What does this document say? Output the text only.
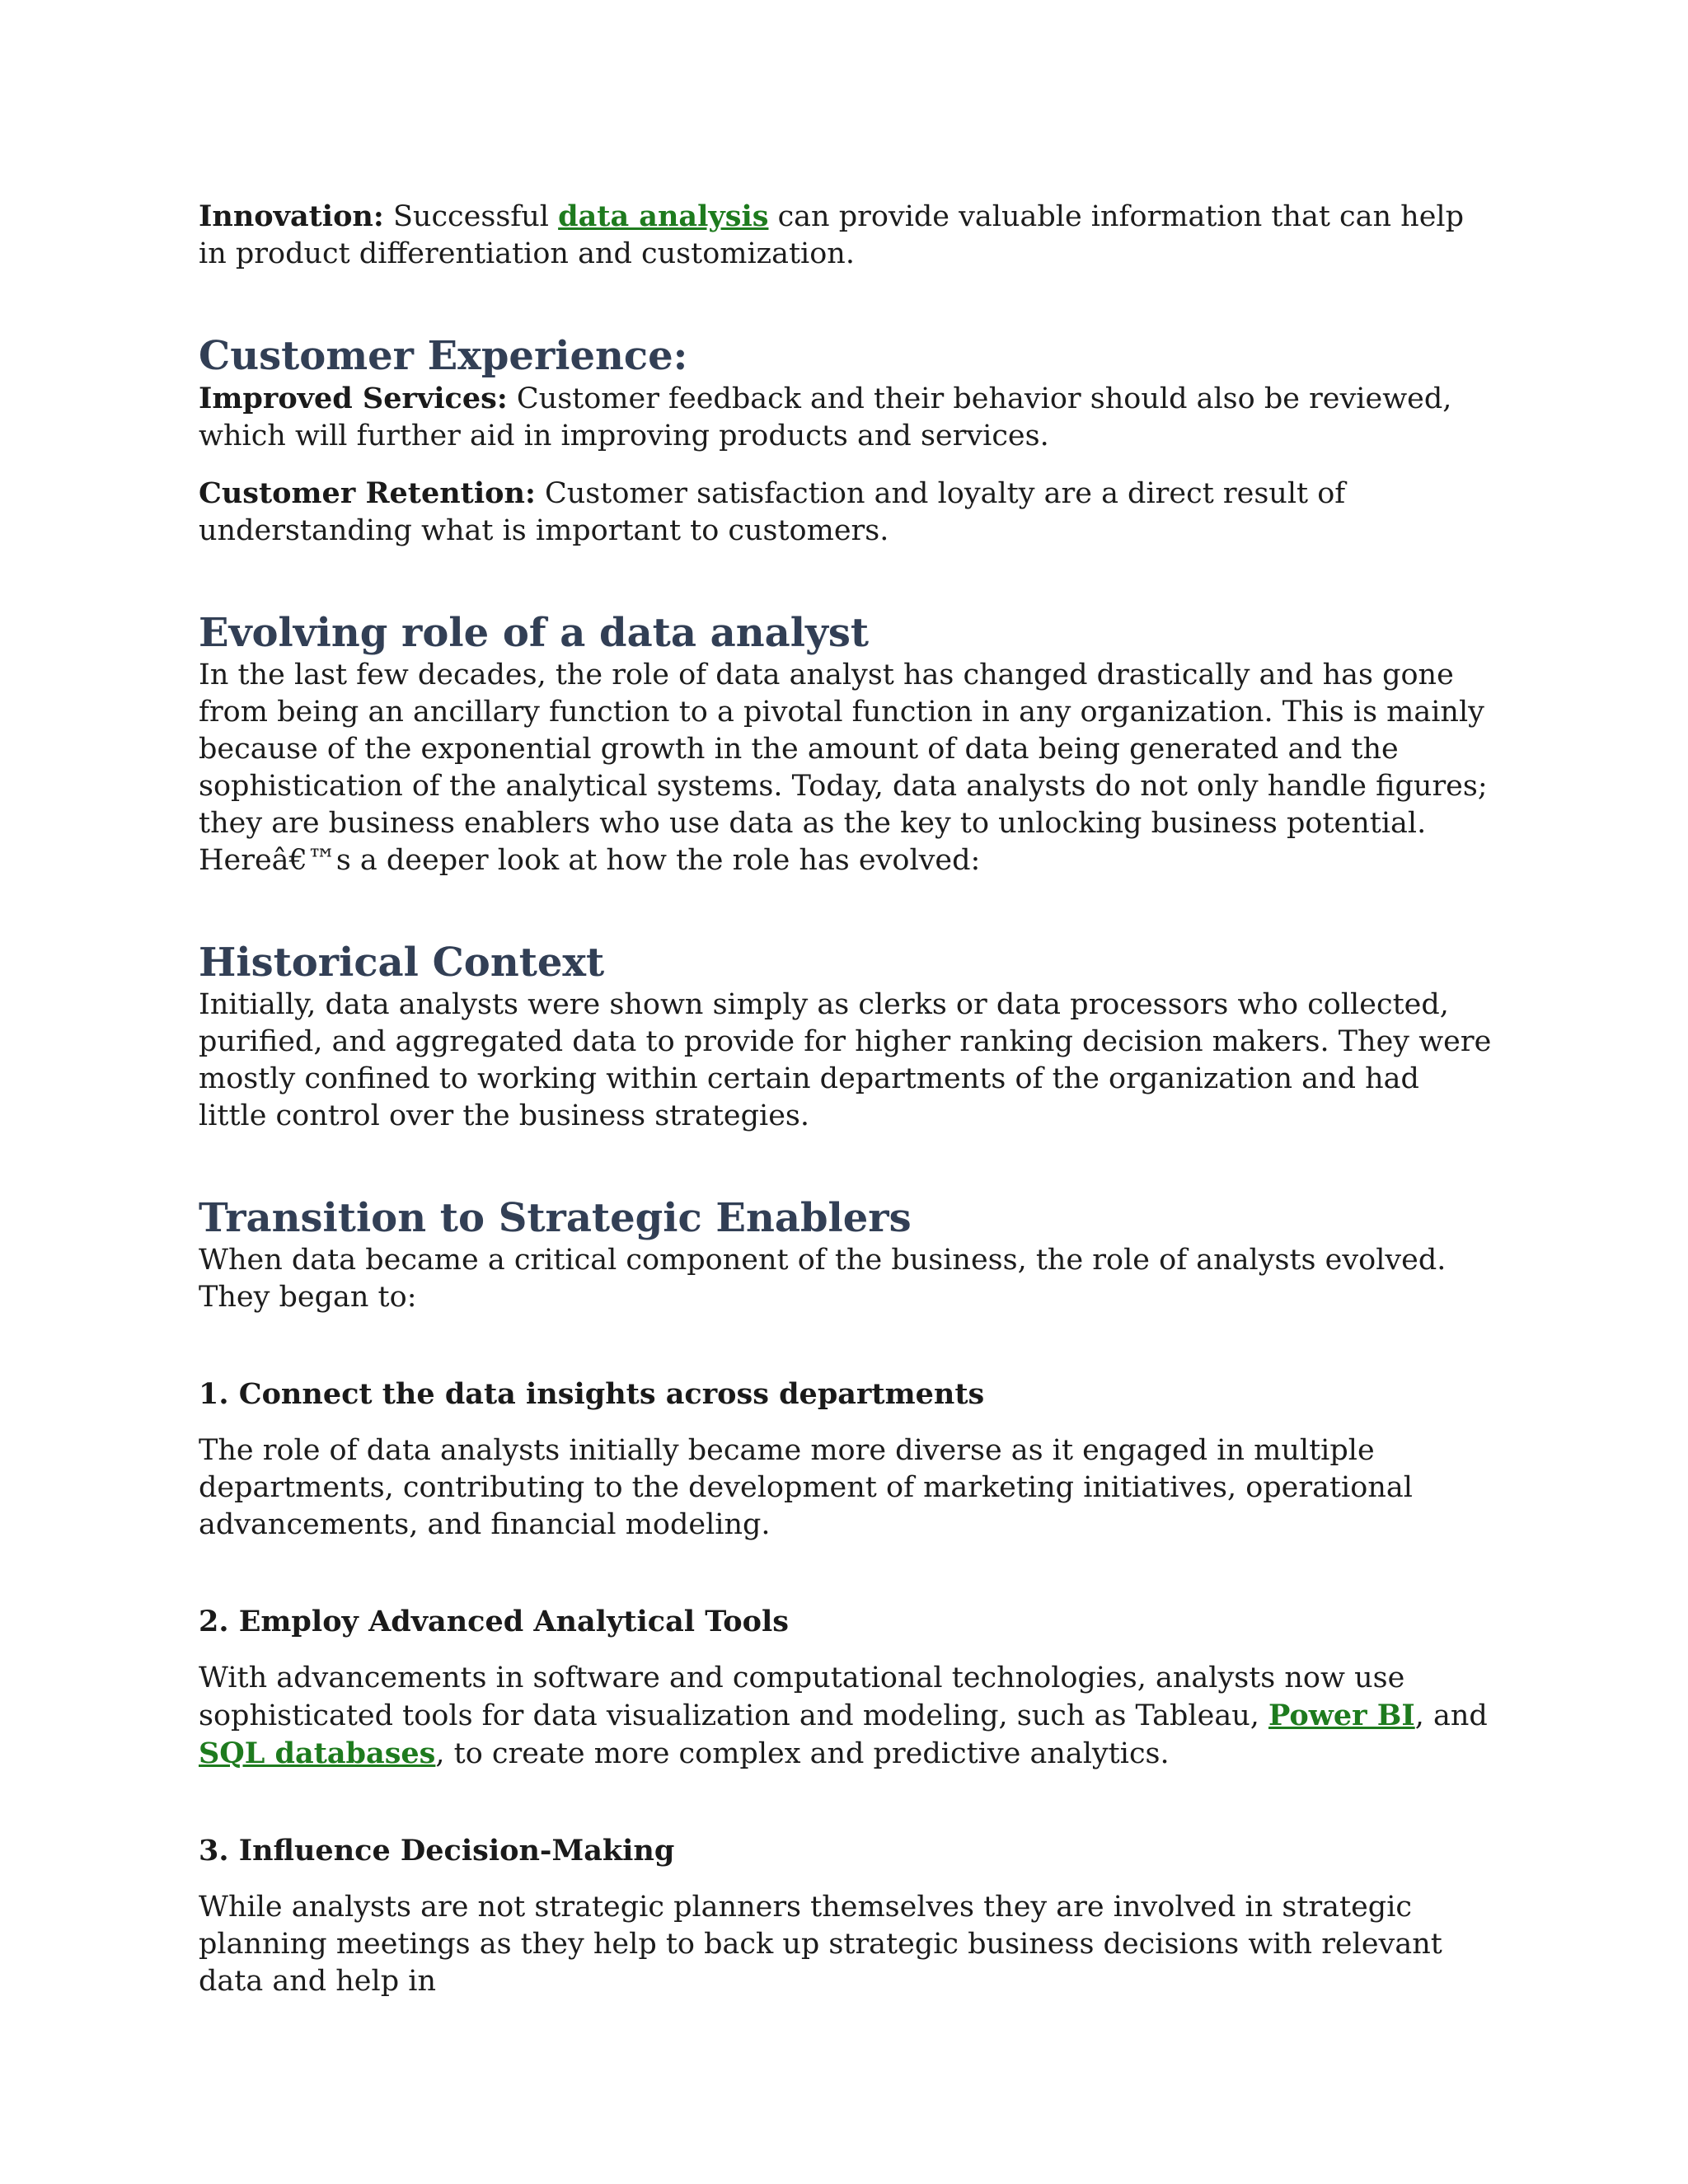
Innovation: Successful data analysis can provide valuable information that can help in product differentiation and customization.

Customer Experience:

Improved Services: Customer feedback and their behavior should also be reviewed, which will further aid in improving products and services.

Customer Retention: Customer satisfaction and loyalty are a direct result of understanding what is important to customers.

Evolving role of a data analyst

In the last few decades, the role of data analyst has changed drastically and has gone from being an ancillary function to a pivotal function in any organization. This is mainly because of the exponential growth in the amount of data being generated and the sophistication of the analytical systems. Today, data analysts do not only handle figures; they are business enablers who use data as the key to unlocking business potential. Hereâ€™s a deeper look at how the role has evolved:

Historical Context

Initially, data analysts were shown simply as clerks or data processors who collected, purified, and aggregated data to provide for higher ranking decision makers. They were mostly confined to working within certain departments of the organization and had little control over the business strategies.

Transition to Strategic Enablers

When data became a critical component of the business, the role of analysts evolved. They began to:

1. Connect the data insights across departments

The role of data analysts initially became more diverse as it engaged in multiple departments, contributing to the development of marketing initiatives, operational advancements, and financial modeling.

2. Employ Advanced Analytical Tools

With advancements in software and computational technologies, analysts now use sophisticated tools for data visualization and modeling, such as Tableau, Power BI, and SQL databases, to create more complex and predictive analytics.

3. Influence Decision-Making

While analysts are not strategic planners themselves they are involved in strategic planning meetings as they help to back up strategic business decisions with relevant data and help in
